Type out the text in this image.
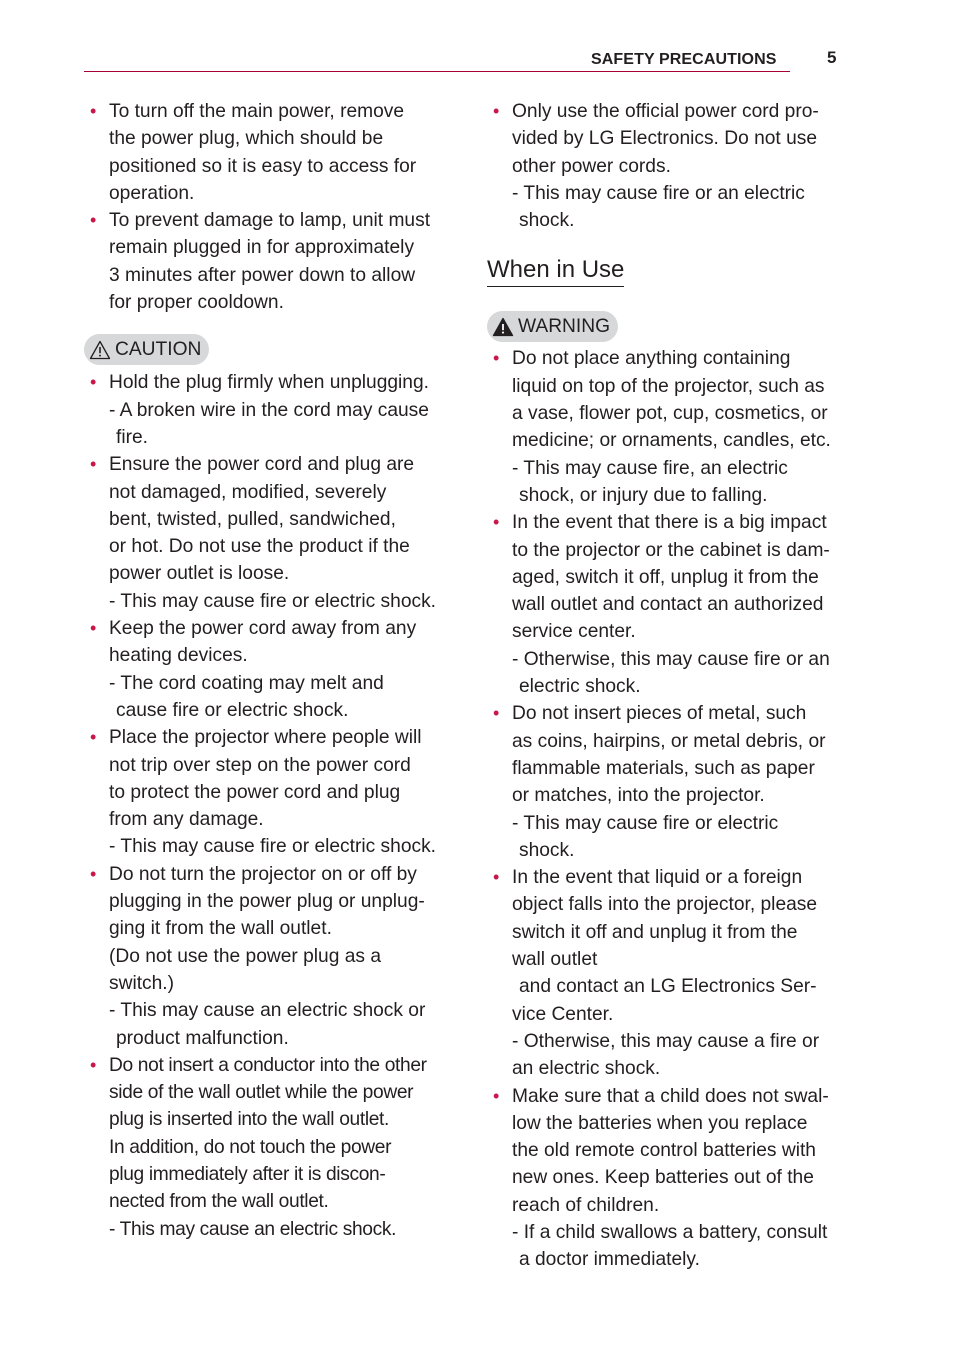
SAFETY PRECAUTIONS	5
• To turn off the main power, remove
the power plug, which should be
positioned so it is easy to access for
operation.
• To prevent damage to lamp, unit must
remain plugged in for approximately
3 minutes after power down to allow
for proper cooldown.
CAUTION
• Hold the plug firmly when unplugging.
- A broken wire in the cord may cause
fire.
• Ensure the power cord and plug are
not damaged, modified, severely
bent, twisted, pulled, sandwiched,
or hot. Do not use the product if the
power outlet is loose.
- This may cause fire or electric shock.
• Keep the power cord away from any
heating devices.
- The cord coating may melt and
cause fire or electric shock.
• Place the projector where people will
not trip over step on the power cord
to protect the power cord and plug
from any damage.
- This may cause fire or electric shock.
• Do not turn the projector on or off by
plugging in the power plug or unplug-
ging it from the wall outlet.
(Do not use the power plug as a
switch.)
- This may cause an electric shock or
product malfunction.
• Do not insert a conductor into the other
side of the wall outlet while the power
plug is inserted into the wall outlet.
In addition, do not touch the power
plug immediately after it is discon-
nected from the wall outlet.
- This may cause an electric shock.
• Only use the official power cord pro-
vided by LG Electronics. Do not use
other power cords.
- This may cause fire or an electric
shock.
When in Use
WARNING
• Do not place anything containing
liquid on top of the projector, such as
a vase, flower pot, cup, cosmetics, or
medicine; or ornaments, candles, etc.
- This may cause fire, an electric
shock, or injury due to falling.
• In the event that there is a big impact
to the projector or the cabinet is dam-
aged, switch it off, unplug it from the
wall outlet and contact an authorized
service center.
- Otherwise, this may cause fire or an
electric shock.
• Do not insert pieces of metal, such
as coins, hairpins, or metal debris, or
flammable materials, such as paper
or matches, into the projector.
- This may cause fire or electric
shock.
• In the event that liquid or a foreign
object falls into the projector, please
switch it off and unplug it from the
wall outlet
and contact an LG Electronics Ser-
vice Center.
- Otherwise, this may cause a fire or
an electric shock.
• Make sure that a child does not swal-
low the batteries when you replace
the old remote control batteries with
new ones. Keep batteries out of the
reach of children.
- If a child swallows a battery, consult
a doctor immediately.
